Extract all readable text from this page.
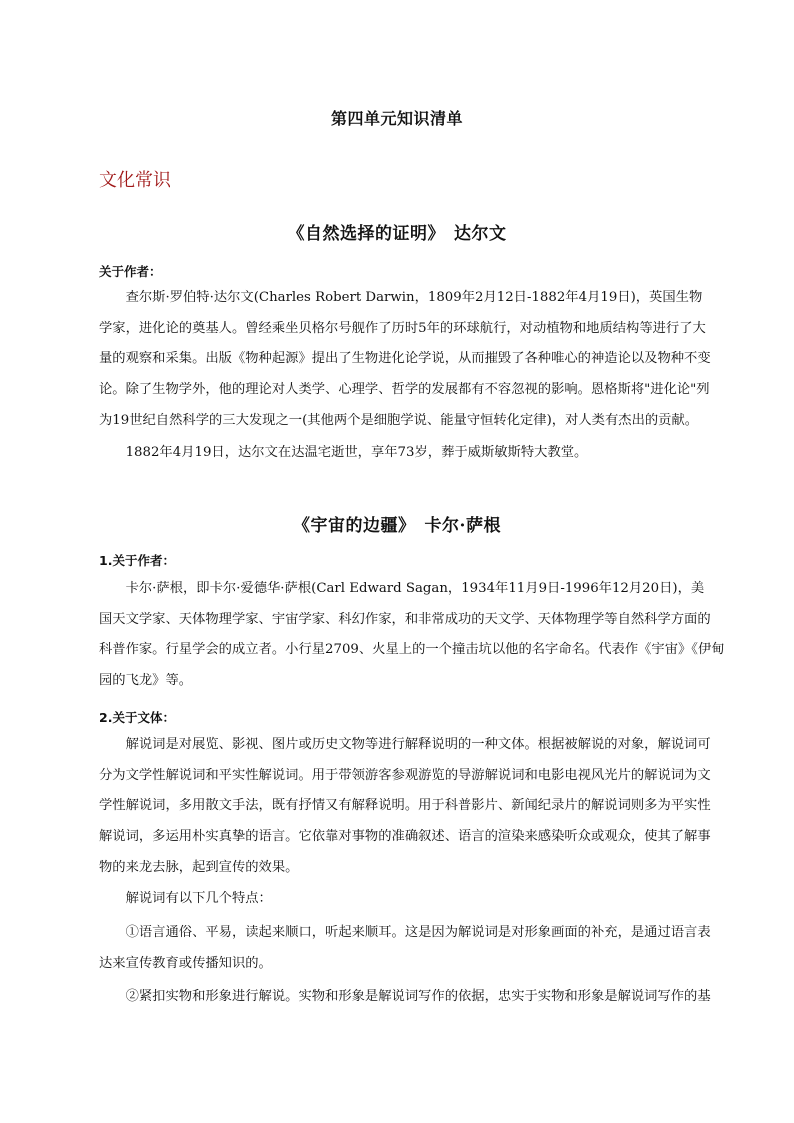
第四单元知识清单
文化常识
《自然选择的证明》　达尔文
关于作者：
　　查尔斯·罗伯特·达尔文(Charles Robert Darwin，1809年2月12日-1882年4月19日)，英国生物
学家，进化论的奠基人。曾经乘坐贝格尔号舰作了历时5年的环球航行，对动植物和地质结构等进行了大
量的观察和采集。出版《物种起源》提出了生物进化论学说，从而摧毁了各种唯心的神造论以及物种不变
论。除了生物学外，他的理论对人类学、心理学、哲学的发展都有不容忽视的影响。恩格斯将"进化论"列
为19世纪自然科学的三大发现之一(其他两个是细胞学说、能量守恒转化定律)，对人类有杰出的贡献。
　　1882年4月19日，达尔文在达温宅逝世，享年73岁，葬于威斯敏斯特大教堂。
《宇宙的边疆》　卡尔·萨根
1.关于作者：
　　卡尔·萨根，即卡尔·爱德华·萨根(Carl Edward Sagan，1934年11月9日-1996年12月20日)，美
国天文学家、天体物理学家、宇宙学家、科幻作家，和非常成功的天文学、天体物理学等自然科学方面的
科普作家。行星学会的成立者。小行星2709、火星上的一个撞击坑以他的名字命名。代表作《宇宙》《伊甸
园的飞龙》等。
2.关于文体：
　　解说词是对展览、影视、图片或历史文物等进行解释说明的一种文体。根据被解说的对象，解说词可
分为文学性解说词和平实性解说词。用于带领游客参观游览的导游解说词和电影电视风光片的解说词为文
学性解说词，多用散文手法，既有抒情又有解释说明。用于科普影片、新闻纪录片的解说词则多为平实性
解说词，多运用朴实真挚的语言。它依靠对事物的准确叙述、语言的渲染来感染听众或观众，使其了解事
物的来龙去脉，起到宣传的效果。
　　解说词有以下几个特点：
　　①语言通俗、平易，读起来顺口，听起来顺耳。这是因为解说词是对形象画面的补充，是通过语言表
达来宣传教育或传播知识的。
　　②紧扣实物和形象进行解说。实物和形象是解说词写作的依据，忠实于实物和形象是解说词写作的基
